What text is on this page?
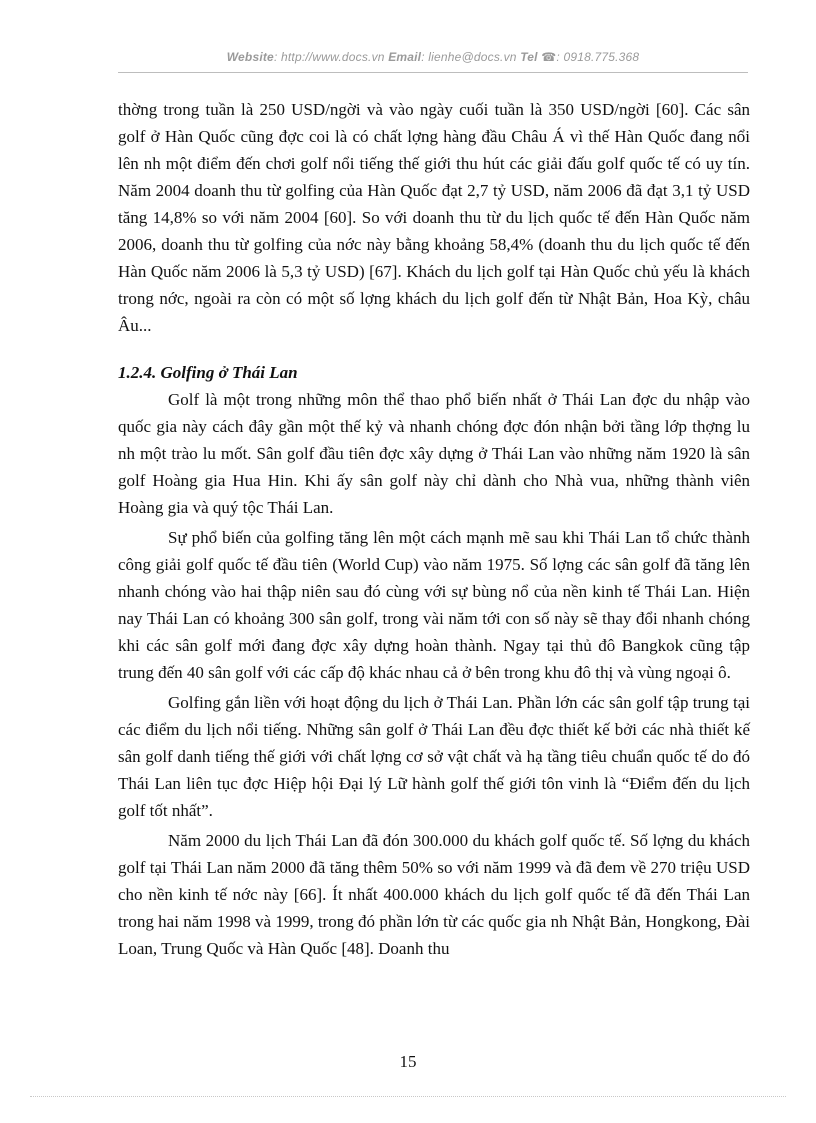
Website: http://www.docs.vn Email: lienhe@docs.vn Tel ☎: 0918.775.368

thờng trong tuần là 250 USD/ngời và vào ngày cuối tuần là 350 USD/ngời [60]. Các sân golf ở Hàn Quốc cũng đợc coi là có chất lợng hàng đầu Châu Á vì thế Hàn Quốc đang nổi lên nh một điểm đến chơi golf nổi tiếng thế giới thu hút các giải đấu golf quốc tế có uy tín. Năm 2004 doanh thu từ golfing của Hàn Quốc đạt 2,7 tỷ USD, năm 2006 đã đạt 3,1 tỷ USD tăng 14,8% so với năm 2004 [60]. So với doanh thu từ du lịch quốc tế đến Hàn Quốc năm 2006, doanh thu từ golfing của nớc này bằng khoảng 58,4% (doanh thu du lịch quốc tế đến Hàn Quốc năm 2006 là 5,3 tỷ USD) [67]. Khách du lịch golf tại Hàn Quốc chủ yếu là khách trong nớc, ngoài ra còn có một số lợng khách du lịch golf đến từ Nhật Bản, Hoa Kỳ, châu Âu...

1.2.4. Golfing ở Thái Lan

Golf là một trong những môn thể thao phổ biến nhất ở Thái Lan đợc du nhập vào quốc gia này cách đây gần một thế kỷ và nhanh chóng đợc đón nhận bởi tầng lớp thợng lu nh một trào lu mốt. Sân golf đầu tiên đợc xây dựng ở Thái Lan vào những năm 1920 là sân golf Hoàng gia Hua Hin. Khi ấy sân golf này chỉ dành cho Nhà vua, những thành viên Hoàng gia và quý tộc Thái Lan.

Sự phổ biến của golfing tăng lên một cách mạnh mẽ sau khi Thái Lan tổ chức thành công giải golf quốc tế đầu tiên (World Cup) vào năm 1975. Số lợng các sân golf đã tăng lên nhanh chóng vào hai thập niên sau đó cùng với sự bùng nổ của nền kinh tế Thái Lan. Hiện nay Thái Lan có khoảng 300 sân golf, trong vài năm tới con số này sẽ thay đổi nhanh chóng khi các sân golf mới đang đợc xây dựng hoàn thành. Ngay tại thủ đô Bangkok cũng tập trung đến 40 sân golf với các cấp độ khác nhau cả ở bên trong khu đô thị và vùng ngoại ô.

Golfing gắn liền với hoạt động du lịch ở Thái Lan. Phần lớn các sân golf tập trung tại các điểm du lịch nổi tiếng. Những sân golf ở Thái Lan đều đợc thiết kế bởi các nhà thiết kế sân golf danh tiếng thế giới với chất lợng cơ sở vật chất và hạ tầng tiêu chuẩn quốc tế do đó Thái Lan liên tục đợc Hiệp hội Đại lý Lữ hành golf thế giới tôn vinh là “Điểm đến du lịch golf tốt nhất”.

Năm 2000 du lịch Thái Lan đã đón 300.000 du khách golf quốc tế. Số lợng du khách golf tại Thái Lan năm 2000 đã tăng thêm 50% so với năm 1999 và đã đem về 270 triệu USD cho nền kinh tế nớc này [66]. Ít nhất 400.000 khách du lịch golf quốc tế đã đến Thái Lan trong hai năm 1998 và 1999, trong đó phần lớn từ các quốc gia nh Nhật Bản, Hongkong, Đài Loan, Trung Quốc và Hàn Quốc [48]. Doanh thu

15
